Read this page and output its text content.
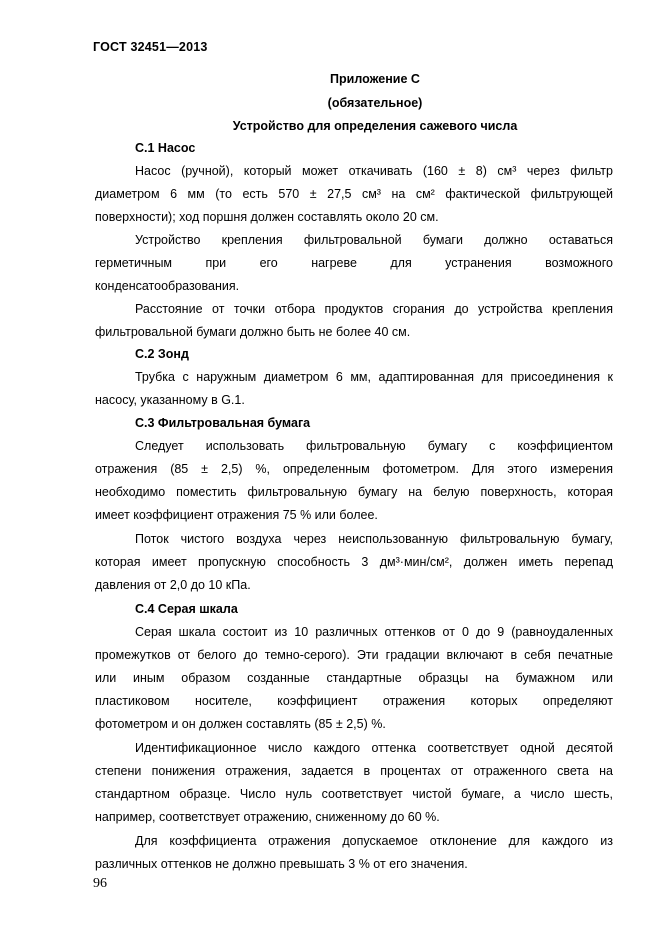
ГОСТ 32451—2013
Приложение С
(обязательное)
Устройство для определения сажевого числа
С.1 Насос
Насос (ручной), который может откачивать (160 ± 8) см³ через фильтр
диаметром 6 мм (то есть 570 ± 27,5 см³ на см² фактической фильтрующей
поверхности); ход поршня должен составлять около 20 см.
Устройство крепления фильтровальной бумаги должно оставаться
герметичным при его нагреве для устранения возможного
конденсатообразования.
Расстояние от точки отбора продуктов сгорания до устройства крепления
фильтровальной бумаги должно быть не более 40 см.
С.2 Зонд
Трубка с наружным диаметром 6 мм, адаптированная для присоединения к
насосу, указанному в G.1.
С.3 Фильтровальная бумага
Следует использовать фильтровальную бумагу с коэффициентом
отражения (85 ± 2,5) %, определенным фотометром. Для этого измерения
необходимо поместить фильтровальную бумагу на белую поверхность, которая
имеет коэффициент отражения 75 % или более.
Поток чистого воздуха через неиспользованную фильтровальную бумагу,
которая имеет пропускную способность 3 дм³·мин/см², должен иметь перепад
давления от 2,0 до 10 кПа.
С.4 Серая шкала
Серая шкала состоит из 10 различных оттенков от 0 до 9 (равноудаленных
промежутков от белого до темно-серого). Эти градации включают в себя печатные
или иным образом созданные стандартные образцы на бумажном или
пластиковом носителе, коэффициент отражения которых определяют
фотометром и он должен составлять (85 ± 2,5) %.
Идентификационное число каждого оттенка соответствует одной десятой
степени понижения отражения, задается в процентах от отраженного света на
стандартном образце. Число нуль соответствует чистой бумаге, а число шесть,
например, соответствует отражению, сниженному до 60 %.
Для коэффициента отражения допускаемое отклонение для каждого из
различных оттенков не должно превышать 3 % от его значения.
96
